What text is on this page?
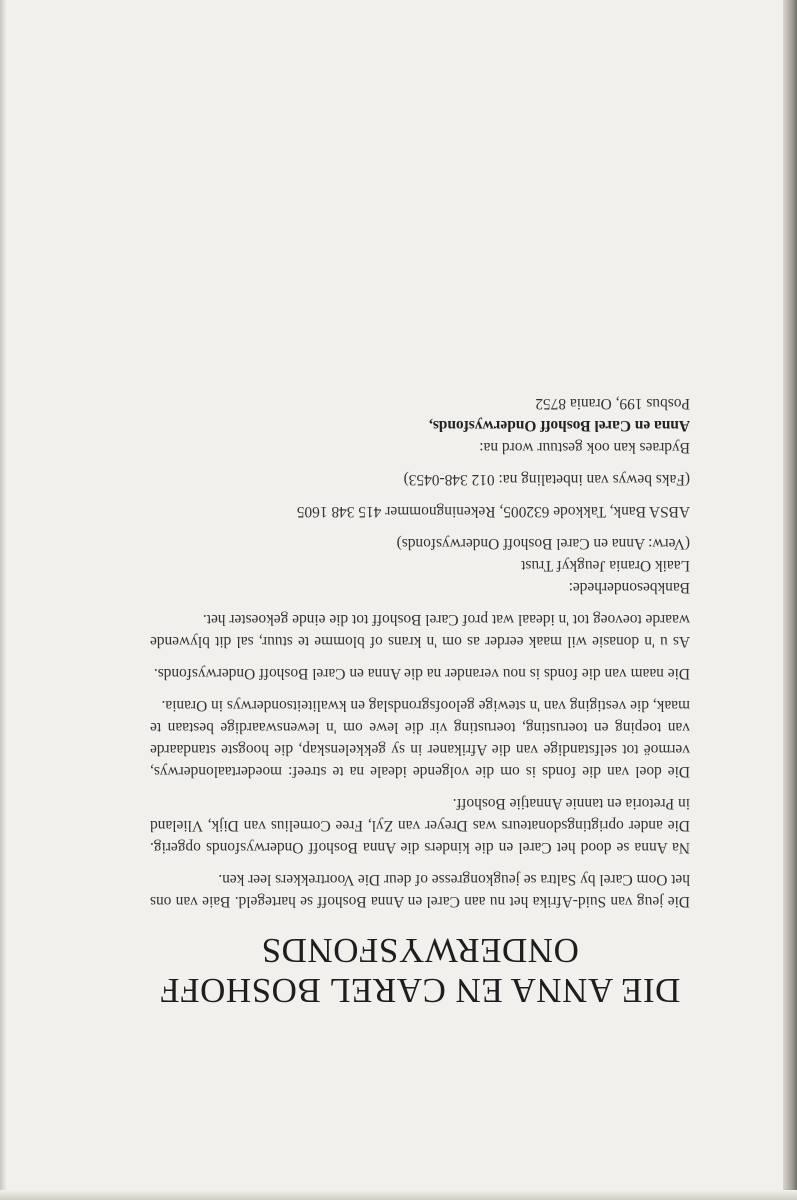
DIE ANNA EN CAREL BOSHOFF
ONDERWYSFONDS

Die jeug van Suid-Afrika het nu aan Carel en Anna Boshoff se hartegeld. Baie van ons het Oom Carel by Saltra se jeugkongresse of deur Die Voortrekkers leer ken.

Na Anna se dood het Carel en die kinders die Anna Boshoff Onderwysfonds opgerig. Die ander oprigtingsdonateurs was Dreyer van Zyl, Free Cornelius van Dijk, Vlieland in Pretoria en tannie Annatjie Boshoff.

Die doel van die fonds is om die volgende ideale na te streef: moedertaalonderwys, vermoë tot selfstandige van die Afrikaner in sy gekkelenskap, die hoogste standaarde van toeping en toerusting, toerusting vir die lewe om 'n lewenswaardige bestaan te maak, die vestiging van 'n stewige geloofsgrondslag en kwaliteitsonderwys in Orania.

Die naam van die fonds is nou verander na die Anna en Carel Boshoff Onderwysfonds.

As u 'n donasie wil maak eerder as om 'n krans of blomme te stuur, sal dit blywende waarde toevoeg tot 'n ideaal wat prof Carel Boshoff tot die einde gekoester het.

Bankbesonderhede:
Laaik Orania Jeugkyf Trust
(Verw: Anna en Carel Boshoff Onderwysfonds)
ABSA Bank, Takkode 632005, Rekeningnommer 415 348 1605
(Faks bewys van inbetaling na: 012 348-0453)
Bydraes kan ook gestuur word na:
Anna en Carel Boshoff Onderwysfonds,
Posbus 199, Orania 8752
